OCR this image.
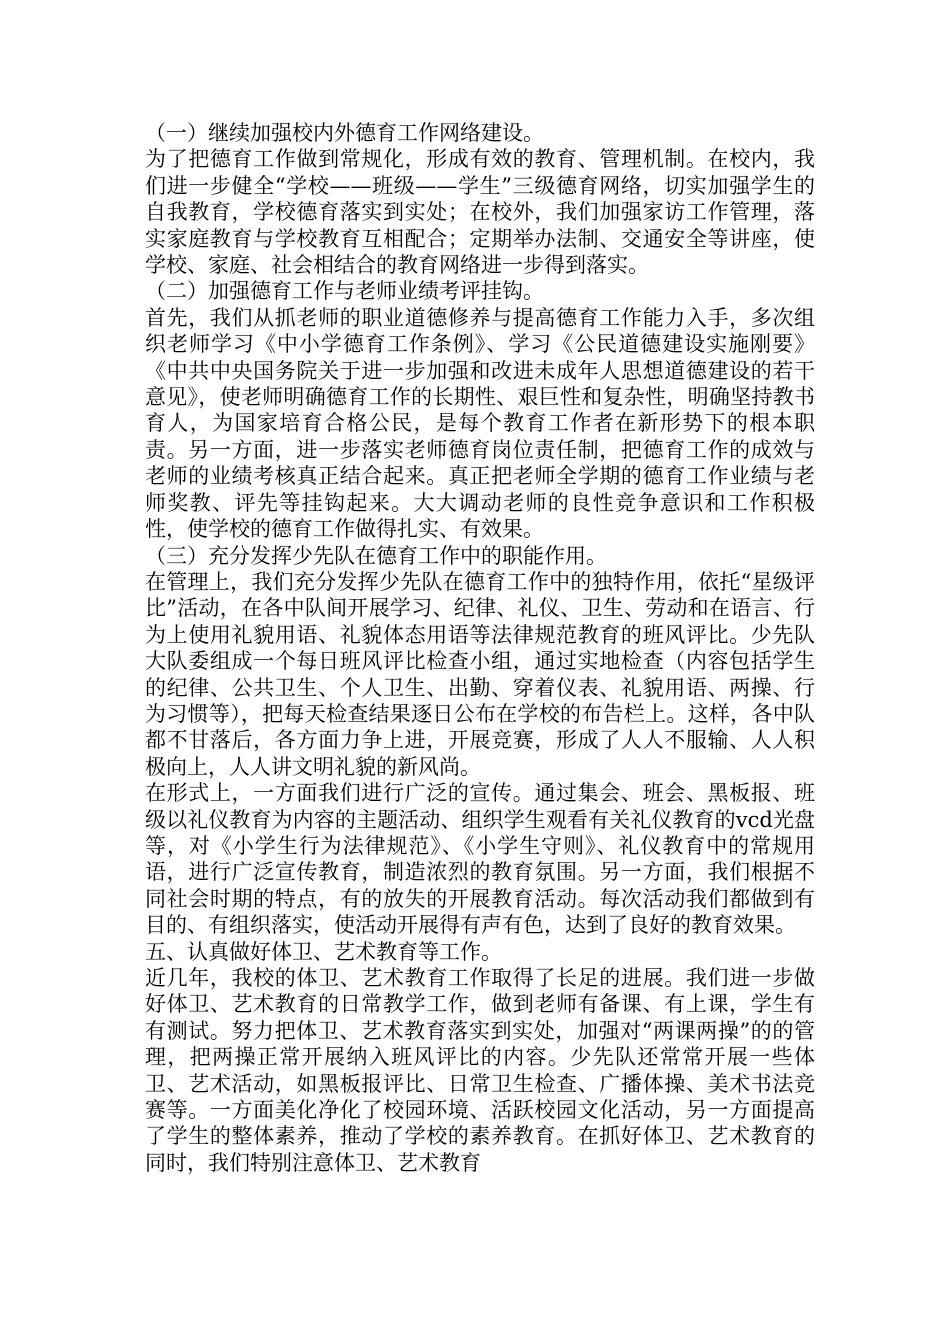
（一）继续加强校内外德育工作网络建设。

为了把德育工作做到常规化，形成有效的教育、管理机制。在校内，我们进一步健全“学校——班级——学生”三级德育网络，切实加强学生的自我教育，学校德育落实到实处；在校外，我们加强家访工作管理，落实家庭教育与学校教育互相配合；定期举办法制、交通安全等讲座，使学校、家庭、社会相结合的教育网络进一步得到落实。

（二）加强德育工作与老师业绩考评挂钩。

首先，我们从抓老师的职业道德修养与提高德育工作能力入手，多次组织老师学习《中小学德育工作条例》、学习《公民道德建设实施刚要》《中共中央国务院关于进一步加强和改进未成年人思想道德建设的若干意见》，使老师明确德育工作的长期性、艰巨性和复杂性，明确坚持教书育人，为国家培育合格公民，是每个教育工作者在新形势下的根本职责。另一方面，进一步落实老师德育岗位责任制，把德育工作的成效与老师的业绩考核真正结合起来。真正把老师全学期的德育工作业绩与老师奖教、评先等挂钩起来。大大调动老师的良性竞争意识和工作积极性，使学校的德育工作做得扎实、有效果。

（三）充分发挥少先队在德育工作中的职能作用。

在管理上，我们充分发挥少先队在德育工作中的独特作用，依托“星级评比”活动，在各中队间开展学习、纪律、礼仪、卫生、劳动和在语言、行为上使用礼貌用语、礼貌体态用语等法律规范教育的班风评比。少先队大队委组成一个每日班风评比检查小组，通过实地检查（内容包括学生的纪律、公共卫生、个人卫生、出勤、穿着仪表、礼貌用语、两操、行为习惯等），把每天检查结果逐日公布在学校的布告栏上。这样，各中队都不甘落后，各方面力争上进，开展竞赛，形成了人人不服输、人人积极向上，人人讲文明礼貌的新风尚。

在形式上，一方面我们进行广泛的宣传。通过集会、班会、黑板报、班级以礼仪教育为内容的主题活动、组织学生观看有关礼仪教育的vcd光盘等，对《小学生行为法律规范》、《小学生守则》、礼仪教育中的常规用语，进行广泛宣传教育，制造浓烈的教育氛围。另一方面，我们根据不同社会时期的特点，有的放失的开展教育活动。每次活动我们都做到有目的、有组织落实，使活动开展得有声有色，达到了良好的教育效果。

五、认真做好体卫、艺术教育等工作。

近几年，我校的体卫、艺术教育工作取得了长足的进展。我们进一步做好体卫、艺术教育的日常教学工作，做到老师有备课、有上课，学生有有测试。努力把体卫、艺术教育落实到实处，加强对“两课两操”的的管理，把两操正常开展纳入班风评比的内容。少先队还常常开展一些体卫、艺术活动，如黑板报评比、日常卫生检查、广播体操、美术书法竞赛等。一方面美化净化了校园环境、活跃校园文化活动，另一方面提高了学生的整体素养，推动了学校的素养教育。在抓好体卫、艺术教育的同时，我们特别注意体卫、艺术教育
